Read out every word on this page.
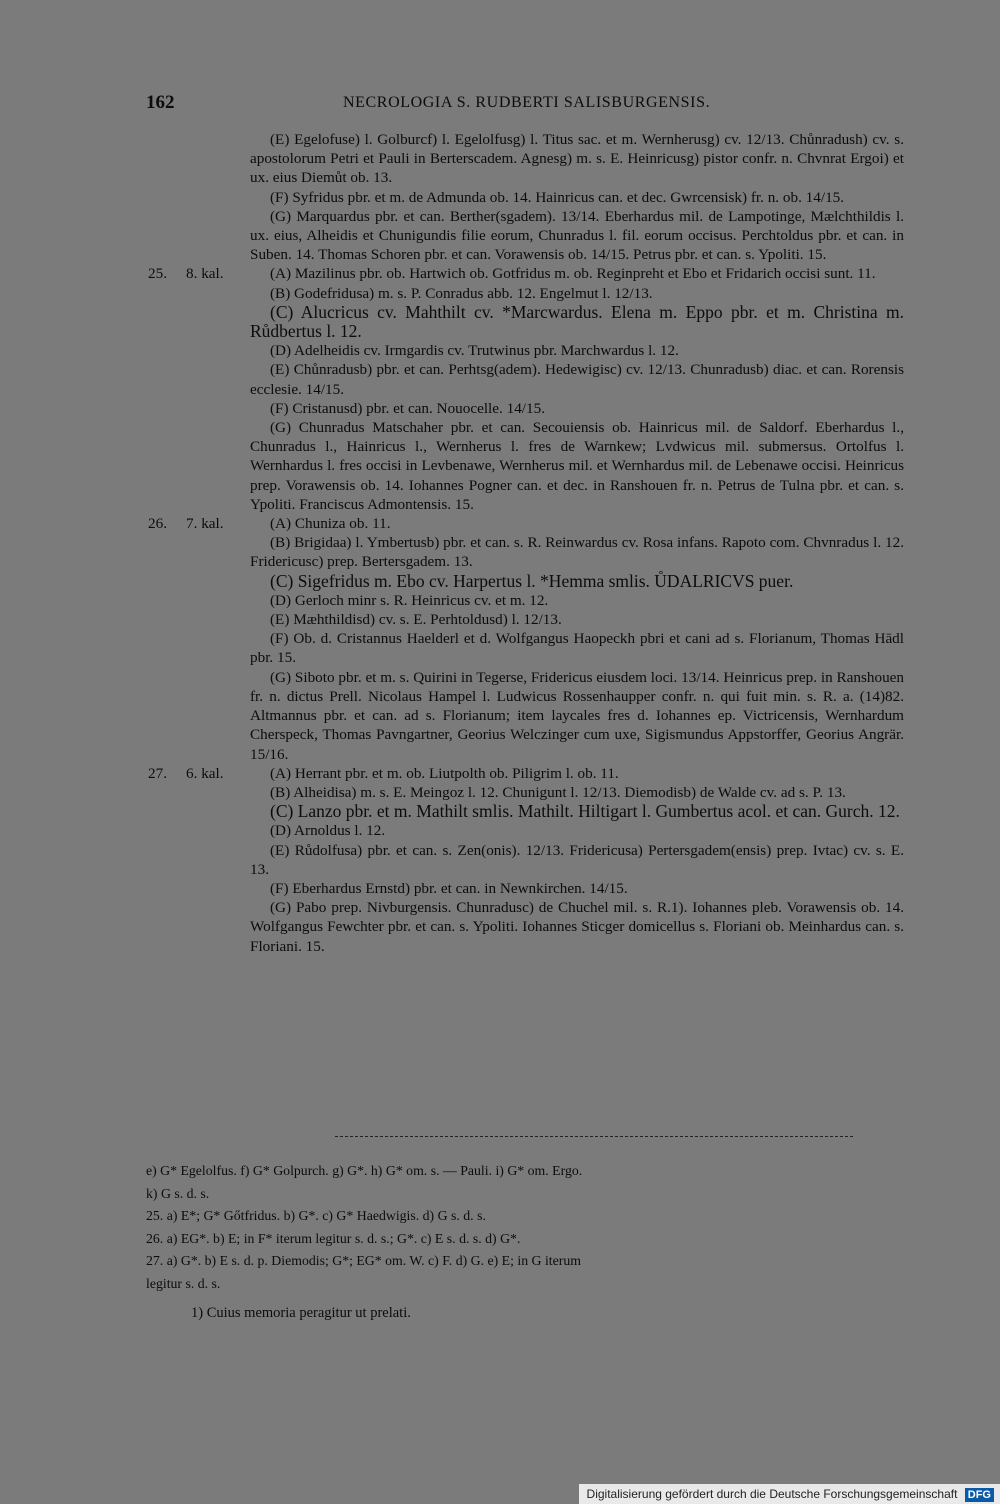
162	NECROLOGIA S. RUDBERTI SALISBURGENSIS.
(E) Egelofuse) l. Golburcf) l. Egelolfusg) l. Titus sac. et m. Wernherusg) cv. 12/13. Chůnradush) cv. s. apostolorum Petri et Pauli in Berterscadem. Agnesg) m. s. E. Heinricusg) pistor confr. n. Chvnrat Ergoi) et ux. eius Diemůt ob. 13.
(F) Syfridus pbr. et m. de Admunda ob. 14. Hainricus can. et dec. Gwrcensisk) fr. n. ob. 14/15.
(G) Marquardus pbr. et can. Berther(sgadem). 13/14. Eberhardus mil. de Lampotinge, Mælchthildis l. ux. eius, Alheidis et Chunigundis filie eorum, Chunradus l. fil. eorum occisus. Perchtoldus pbr. et can. in Suben. 14. Thomas Schoren pbr. et can. Vorawensis ob. 14/15. Petrus pbr. et can. s. Ypoliti. 15.
25.	8. kal.	(A) Mazilinus pbr. ob. Hartwich ob. Gotfridus m. ob. Reginpreht et Ebo et Fridarich occisi sunt. 11.
(B) Godefridusa) m. s. P. Conradus abb. 12. Engelmut l. 12/13.
(C) Alucricus cv. Mahthilt cv. *Marcwardus. Elena m. Eppo pbr. et m. Christina m. Růdbertus l. 12.
(D) Adelheidis cv. Irmgardis cv. Trutwinus pbr. Marchwardus l. 12.
(E) Chůnradusb) pbr. et can. Perhtsg(adem). Hedewigisc) cv. 12/13. Chunradusb) diac. et can. Rorensis ecclesie. 14/15.
(F) Cristanusd) pbr. et can. Nouocelle. 14/15.
(G) Chunradus Matschaher pbr. et can. Secouiensis ob. Hainricus mil. de Saldorf. Eberhardus l., Chunradus l., Hainricus l., Wernherus l. fres de Warnkew; Lvdwicus mil. submersus. Ortolfus l. Wernhardus l. fres occisi in Levbenawe, Wernherus mil. et Wernhardus mil. de Lebenawe occisi. Heinricus prep. Vorawensis ob. 14. Iohannes Pogner can. et dec. in Ranshouen fr. n. Petrus de Tulna pbr. et can. s. Ypoliti. Franciscus Admontensis. 15.
26.	7. kal.	(A) Chuniza ob. 11.
(B) Brigidaa) l. Ymbertusb) pbr. et can. s. R. Reinwardus cv. Rosa infans. Rapoto com. Chvnradus l. 12. Fridericusc) prep. Bertersgadem. 13.
(C) Sigefridus m. Ebo cv. Harpertus l. *Hemma smlis. ŮDALRICVS puer.
(D) Gerloch minr s. R. Heinricus cv. et m. 12.
(E) Mæhthildisd) cv. s. E. Perhtoldusd) l. 12/13.
(F) Ob. d. Cristannus Haelderl et d. Wolfgangus Haopeckh pbri et cani ad s. Florianum, Thomas Hādl pbr. 15.
(G) Siboto pbr. et m. s. Quirini in Tegerse, Fridericus eiusdem loci. 13/14. Heinricus prep. in Ranshouen fr. n. dictus Prell. Nicolaus Hampel l. Ludwicus Rossenhaupper confr. n. qui fuit min. s. R. a. (14)82. Altmannus pbr. et can. ad s. Florianum; item laycales fres d. Iohannes ep. Victricensis, Wernhardum Cherspeck, Thomas Pavngartner, Georius Welczinger cum uxe, Sigismundus Appstorffer, Georius Angrär. 15/16.
27.	6. kal.	(A) Herrant pbr. et m. ob. Liutpolth ob. Piligrim l. ob. 11.
(B) Alheidisa) m. s. E. Meingoz l. 12. Chunigunt l. 12/13. Diemodisb) de Walde cv. ad s. P. 13.
(C) Lanzo pbr. et m. Mathilt smlis. Mathilt. Hiltigart l. Gumbertus acol. et can. Gurch. 12.
(D) Arnoldus l. 12.
(E) Růdolfusa) pbr. et can. s. Zen(onis). 12/13. Fridericusa) Pertersgadem(ensis) prep. Ivtac) cv. s. E. 13.
(F) Eberhardus Ernstd) pbr. et can. in Newnkirchen. 14/15.
(G) Pabo prep. Nivburgensis. Chunradusc) de Chuchel mil. s. R.1). Iohannes pleb. Vorawensis ob. 14. Wolfgangus Fewchter pbr. et can. s. Ypoliti. Iohannes Sticger domicellus s. Floriani ob. Meinhardus can. s. Floriani. 15.
e) G* Egelolfus. f) G* Golpurch. g) G*. h) G* om. s. — Pauli. i) G* om. Ergo.
k) G s. d. s.
25. a) E*; G* Gőtfridus. b) G*. c) G* Haedwigis. d) G s. d. s.
26. a) EG*. b) E; in F* iterum legitur s. d. s.; G*. c) E s. d. s. d) G*.
27. a) G*. b) E s. d. p. Diemodis; G*; EG* om. W. c) F. d) G. e) E; in G iterum
legitur s. d. s.
1) Cuius memoria peragitur ut prelati.
Digitalisierung gefördert durch die Deutsche Forschungsgemeinschaft DFG
